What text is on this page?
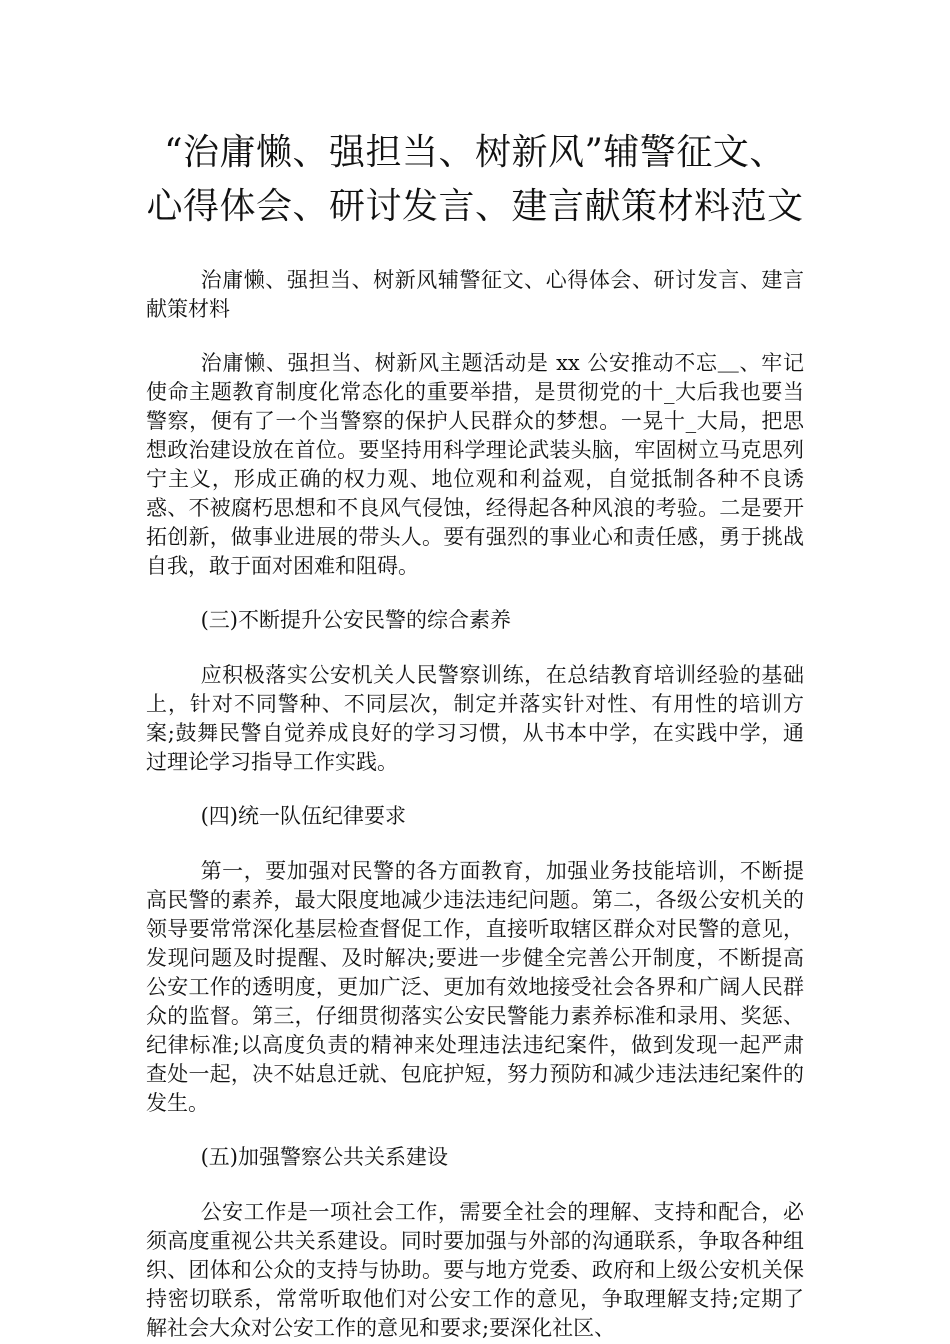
“治庸懒、强担当、树新风”辅警征文、
心得体会、研讨发言、建言献策材料范文

治庸懒、强担当、树新风辅警征文、心得体会、研讨发言、建言献策材料

治庸懒、强担当、树新风主题活动是 xx 公安推动不忘＿、牢记使命主题教育制度化常态化的重要举措，是贯彻党的十_大后我也要当警察，便有了一个当警察的保护人民群众的梦想。一晃十_大局，把思想政治建设放在首位。要坚持用科学理论武装头脑，牢固树立马克思列宁主义，形成正确的权力观、地位观和利益观，自觉抵制各种不良诱惑、不被腐朽思想和不良风气侵蚀，经得起各种风浪的考验。二是要开拓创新，做事业进展的带头人。要有强烈的事业心和责任感，勇于挑战自我，敢于面对困难和阻碍。

(三)不断提升公安民警的综合素养

应积极落实公安机关人民警察训练，在总结教育培训经验的基础上，针对不同警种、不同层次，制定并落实针对性、有用性的培训方案;鼓舞民警自觉养成良好的学习习惯，从书本中学，在实践中学，通过理论学习指导工作实践。

(四)统一队伍纪律要求

第一，要加强对民警的各方面教育，加强业务技能培训，不断提高民警的素养，最大限度地减少违法违纪问题。第二，各级公安机关的领导要常常深化基层检查督促工作，直接听取辖区群众对民警的意见，发现问题及时提醒、及时解决;要进一步健全完善公开制度，不断提高公安工作的透明度，更加广泛、更加有效地接受社会各界和广阔人民群众的监督。第三，仔细贯彻落实公安民警能力素养标准和录用、奖惩、纪律标准;以高度负责的精神来处理违法违纪案件，做到发现一起严肃查处一起，决不姑息迁就、包庇护短，努力预防和减少违法违纪案件的发生。

(五)加强警察公共关系建设

公安工作是一项社会工作，需要全社会的理解、支持和配合，必须高度重视公共关系建设。同时要加强与外部的沟通联系，争取各种组织、团体和公众的支持与协助。要与地方党委、政府和上级公安机关保持密切联系，常常听取他们对公安工作的意见，争取理解支持;定期了解社会大众对公安工作的意见和要求;要深化社区、
